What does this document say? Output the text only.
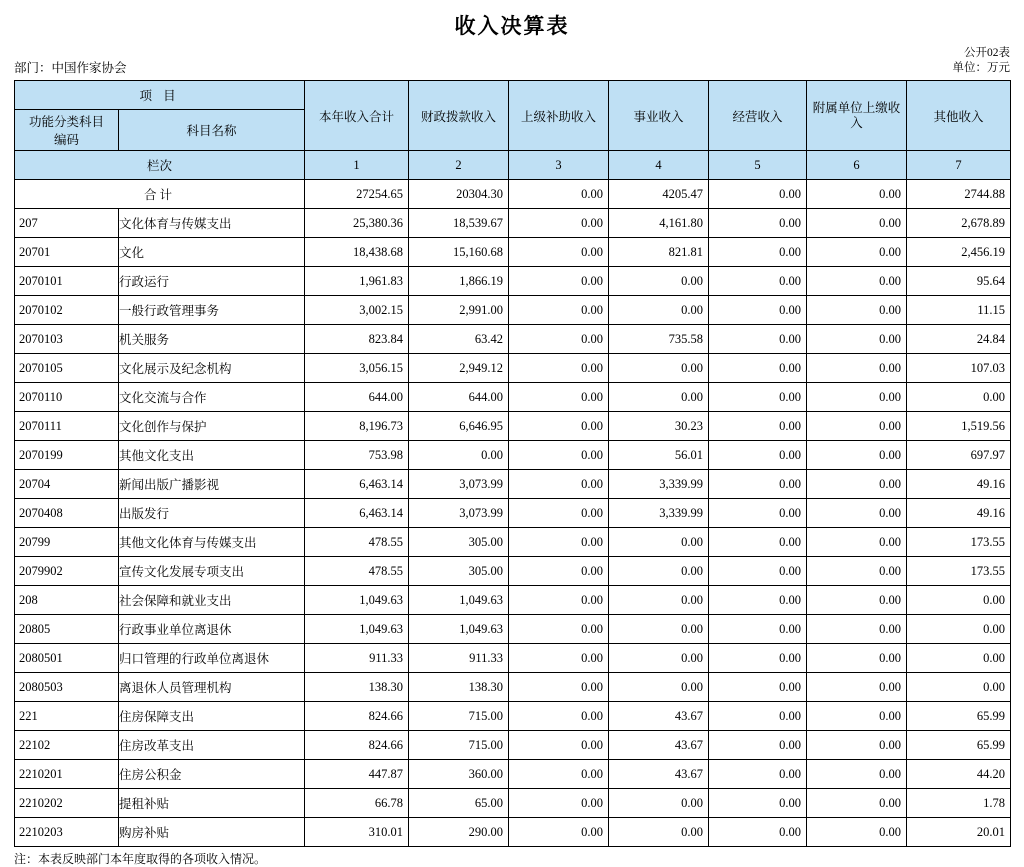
收入决算表
部门：中国作家协会
公开02表
单位：万元
项 目		本年收入合计	财政拨款收入	上级补助收入	事业收入	经营收入	附属单位上缴收入	其他收入

功能分类科目
编码	科目名称							
栏次		1	2	3	4	5	6	7
合计		27254.65	20304.30	0.00	4205.47	0.00	0.00	2744.88
207	文化体育与传媒支出	25,380.36	18,539.67	0.00	4,161.80	0.00	0.00	2,678.89
20701	文化	18,438.68	15,160.68	0.00	821.81	0.00	0.00	2,456.19
2070101	行政运行	1,961.83	1,866.19	0.00	0.00	0.00	0.00	95.64
2070102	一般行政管理事务	3,002.15	2,991.00	0.00	0.00	0.00	0.00	11.15
2070103	机关服务	823.84	63.42	0.00	735.58	0.00	0.00	24.84
2070105	文化展示及纪念机构	3,056.15	2,949.12	0.00	0.00	0.00	0.00	107.03
2070110	文化交流与合作	644.00	644.00	0.00	0.00	0.00	0.00	0.00
2070111	文化创作与保护	8,196.73	6,646.95	0.00	30.23	0.00	0.00	1,519.56
2070199	其他文化支出	753.98	0.00	0.00	56.01	0.00	0.00	697.97
20704	新闻出版广播影视	6,463.14	3,073.99	0.00	3,339.99	0.00	0.00	49.16
2070408	出版发行	6,463.14	3,073.99	0.00	3,339.99	0.00	0.00	49.16
20799	其他文化体育与传媒支出	478.55	305.00	0.00	0.00	0.00	0.00	173.55
2079902	宣传文化发展专项支出	478.55	305.00	0.00	0.00	0.00	0.00	173.55
208	社会保障和就业支出	1,049.63	1,049.63	0.00	0.00	0.00	0.00	0.00
20805	行政事业单位离退休	1,049.63	1,049.63	0.00	0.00	0.00	0.00	0.00
2080501	归口管理的行政单位离退休	911.33	911.33	0.00	0.00	0.00	0.00	0.00
2080503	离退休人员管理机构	138.30	138.30	0.00	0.00	0.00	0.00	0.00
221	住房保障支出	824.66	715.00	0.00	43.67	0.00	0.00	65.99
22102	住房改革支出	824.66	715.00	0.00	43.67	0.00	0.00	65.99
2210201	住房公积金	447.87	360.00	0.00	43.67	0.00	0.00	44.20
2210202	提租补贴	66.78	65.00	0.00	0.00	0.00	0.00	1.78
2210203	购房补贴	310.01	290.00	0.00	0.00	0.00	0.00	20.01
注：本表反映部门本年度取得的各项收入情况。
